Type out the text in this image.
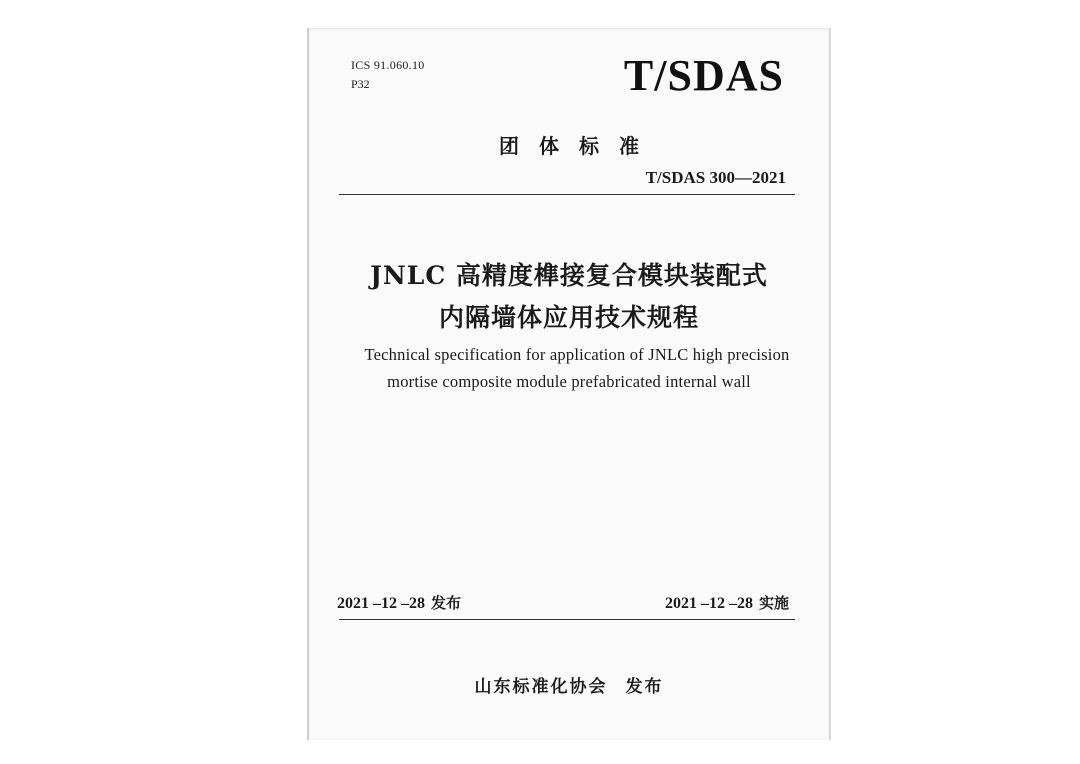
ICS 91.060.10
P32	T/SDAS
团体标准
T/SDAS 300—2021
JNLC 高精度榫接复合模块装配式
内隔墙体应用技术规程
Technical specification for application of JNLC high precision
mortise composite module prefabricated internal wall
2021 –12 –28 发布	2021 –12 –28 实施
山东标准化协会 发布
